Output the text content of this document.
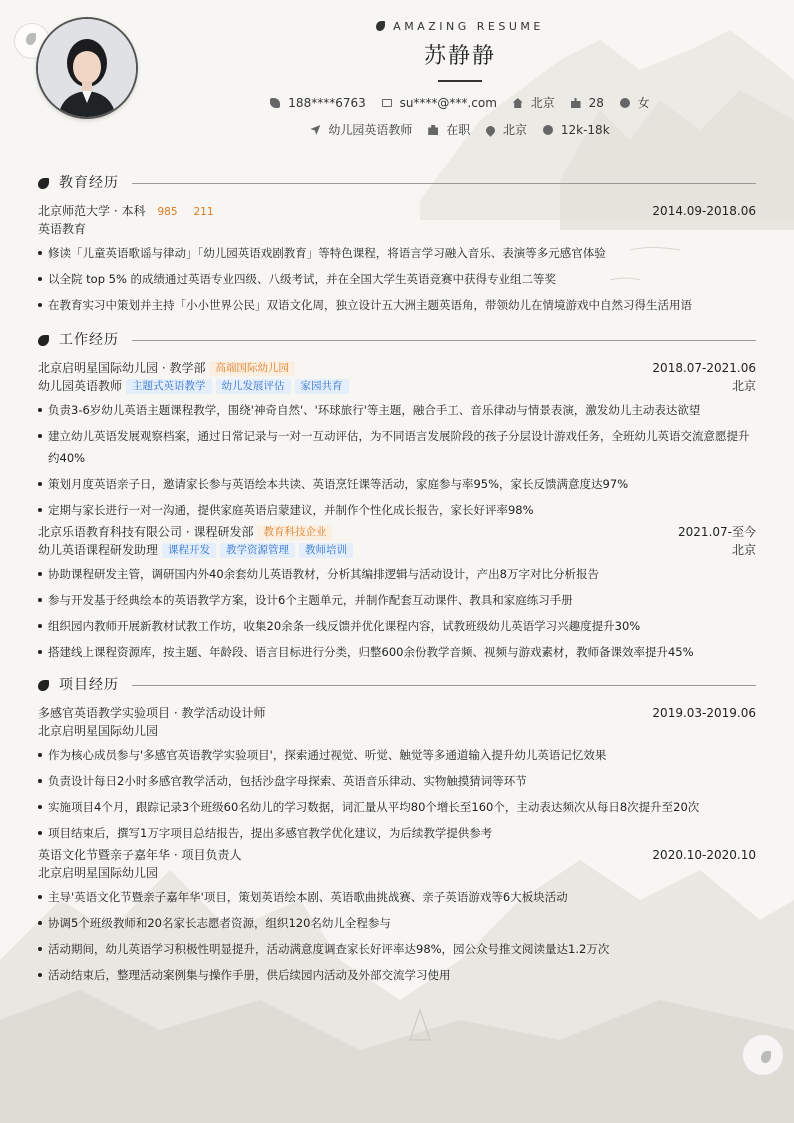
AMAZING RESUME
苏静静
188****6763	su****@***.com	北京	28	女
幼儿园英语教师	在职	北京	12k-18k
教育经历
北京师范大学 · 本科 985 211	2014.09-2018.06
英语教育
修读「儿童英语歌谣与律动」「幼儿园英语戏剧教育」等特色课程，将语言学习融入音乐、表演等多元感官体验
以全院 top 5% 的成绩通过英语专业四级、八级考试，并在全国大学生英语竞赛中获得专业组二等奖
在教育实习中策划并主持「小小世界公民」双语文化周，独立设计五大洲主题英语角，带领幼儿在情境游戏中自然习得生活用语
工作经历
北京启明星国际幼儿园 · 教学部 高端国际幼儿园	2018.07-2021.06
幼儿园英语教师 主题式英语教学 幼儿发展评估 家园共育	北京
负责3-6岁幼儿英语主题课程教学，围绕'神奇自然'、'环球旅行'等主题，融合手工、音乐律动与情景表演，激发幼儿主动表达欲望
建立幼儿英语发展观察档案，通过日常记录与一对一互动评估，为不同语言发展阶段的孩子分层设计游戏任务，全班幼儿英语交流意愿提升约40%
策划月度英语亲子日，邀请家长参与英语绘本共读、英语烹饪课等活动，家庭参与率95%，家长反馈满意度达97%
定期与家长进行一对一沟通，提供家庭英语启蒙建议，并制作个性化成长报告，家长好评率98%
北京乐语教育科技有限公司 · 课程研发部 教育科技企业	2021.07-至今
幼儿英语课程研发助理 课程开发 教学资源管理 教师培训	北京
协助课程研发主管，调研国内外40余套幼儿英语教材，分析其编排逻辑与活动设计，产出8万字对比分析报告
参与开发基于经典绘本的英语教学方案，设计6个主题单元，并制作配套互动课件、教具和家庭练习手册
组织园内教师开展新教材试教工作坊，收集20余条一线反馈并优化课程内容，试教班级幼儿英语学习兴趣度提升30%
搭建线上课程资源库，按主题、年龄段、语言目标进行分类，归整600余份教学音频、视频与游戏素材，教师备课效率提升45%
项目经历
多感官英语教学实验项目 · 教学活动设计师	2019.03-2019.06
北京启明星国际幼儿园
作为核心成员参与'多感官英语教学实验项目'，探索通过视觉、听觉、触觉等多通道输入提升幼儿英语记忆效果
负责设计每日2小时多感官教学活动，包括沙盘字母探索、英语音乐律动、实物触摸猜词等环节
实施项目4个月，跟踪记录3个班级60名幼儿的学习数据，词汇量从平均80个增长至160个，主动表达频次从每日8次提升至20次
项目结束后，撰写1万字项目总结报告，提出多感官教学优化建议，为后续教学提供参考
英语文化节暨亲子嘉年华 · 项目负责人	2020.10-2020.10
北京启明星国际幼儿园
主导'英语文化节暨亲子嘉年华'项目，策划英语绘本剧、英语歌曲挑战赛、亲子英语游戏等6大板块活动
协调5个班级教师和20名家长志愿者资源，组织120名幼儿全程参与
活动期间，幼儿英语学习积极性明显提升，活动满意度调查家长好评率达98%，园公众号推文阅读量达1.2万次
活动结束后，整理活动案例集与操作手册，供后续园内活动及外部交流学习使用
